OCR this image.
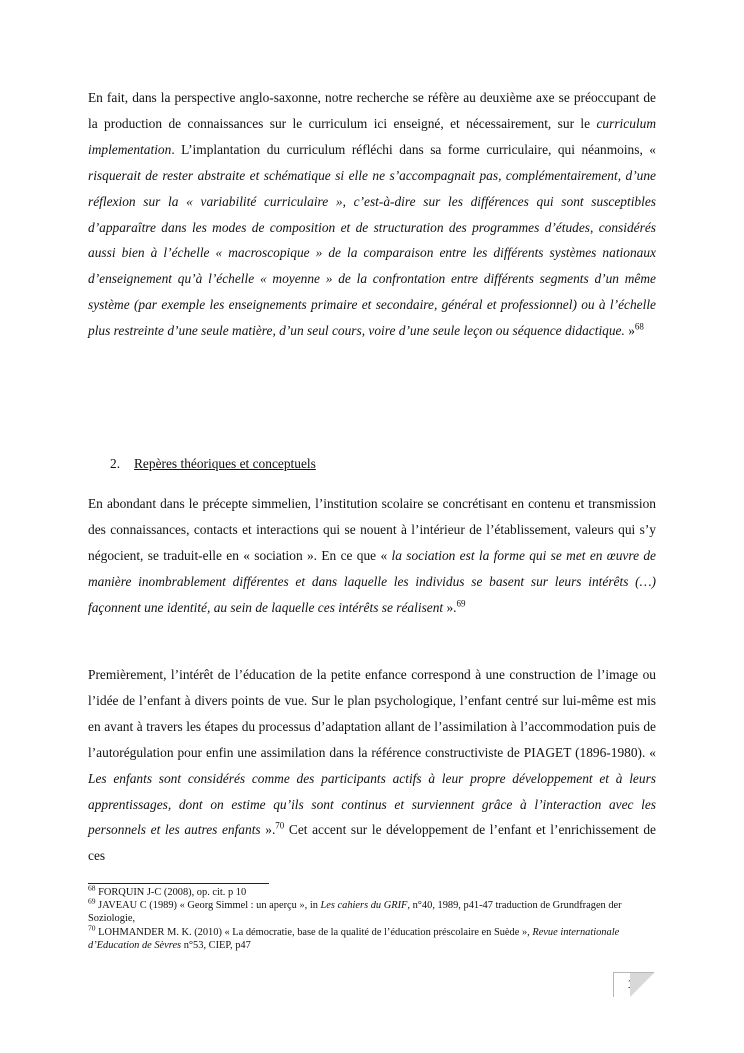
En fait, dans la perspective anglo-saxonne, notre recherche se réfère au deuxième axe se préoccupant de la production de connaissances sur le curriculum ici enseigné, et nécessairement, sur le curriculum implementation. L’implantation du curriculum réfléchi dans sa forme curriculaire, qui néanmoins, « risquerait de rester abstraite et schématique si elle ne s’accompagnait pas, complémentairement, d’une réflexion sur la « variabilité curriculaire », c’est-à-dire sur les différences qui sont susceptibles d’apparaître dans les modes de composition et de structuration des programmes d’études, considérés aussi bien à l’échelle « macroscopique » de la comparaison entre les différents systèmes nationaux d’enseignement qu’à l’échelle « moyenne » de la confrontation entre différents segments d’un même système (par exemple les enseignements primaire et secondaire, général et professionnel) ou à l’échelle plus restreinte d’une seule matière, d’un seul cours, voire d’une seule leçon ou séquence didactique. »$^{68}$
2. Repères théoriques et conceptuels
En abondant dans le précepte simmelien, l’institution scolaire se concrétisant en contenu et transmission des connaissances, contacts et interactions qui se nouent à l’intérieur de l’établissement, valeurs qui s’y négocient, se traduit-elle en « sociation ». En ce que « la sociation est la forme qui se met en œuvre de manière inombrablement différentes et dans laquelle les individus se basent sur leurs intérêts (…) façonnent une identité, au sein de laquelle ces intérêts se réalisent ».$^{69}$
Premièrement, l’intérêt de l’éducation de la petite enfance correspond à une construction de l’image ou l’idée de l’enfant à divers points de vue. Sur le plan psychologique, l’enfant centré sur lui-même est mis en avant à travers les étapes du processus d’adaptation allant de l’assimilation à l’accommodation puis de l’autorégulation pour enfin une assimilation dans la référence constructiviste de PIAGET (1896-1980). « Les enfants sont considérés comme des participants actifs à leur propre développement et à leurs apprentissages, dont on estime qu’ils sont continus et surviennent grâce à l’interaction avec les personnels et les autres enfants ».$^{70}$ Cet accent sur le développement de l’enfant et l’enrichissement de ces
$^{68}$ FORQUIN J-C (2008), op. cit. p 10
$^{69}$ JAVEAU C (1989) « Georg Simmel : un aperçu », in Les cahiers du GRIF, n°40, 1989, p41-47 traduction de Grundfragen der Soziologie,
$^{70}$ LOHMANDER M. K. (2010) « La démocratie, base de la qualité de l’éducation préscolaire en Suède », Revue internationale d’Education de Sèvres n°53, CIEP, p47
14
